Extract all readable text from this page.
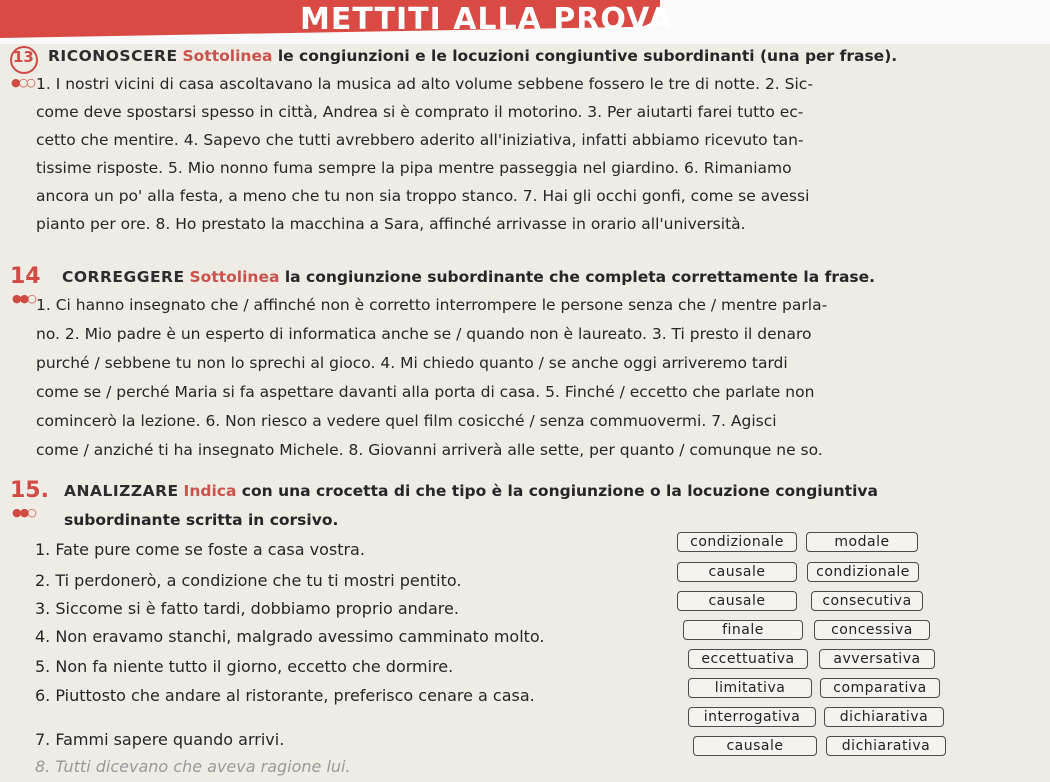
METTITI ALLA PROVA
13
●○○
RICONOSCERE Sottolinea le congiunzioni e le locuzioni congiuntive subordinanti (una per frase).
1. I nostri vicini di casa ascoltavano la musica ad alto volume sebbene fossero le tre di notte. 2. Sic-
come deve spostarsi spesso in città, Andrea si è comprato il motorino. 3. Per aiutarti farei tutto ec-
cetto che mentire. 4. Sapevo che tutti avrebbero aderito all'iniziativa, infatti abbiamo ricevuto tan-
tissime risposte. 5. Mio nonno fuma sempre la pipa mentre passeggia nel giardino. 6. Rimaniamo
ancora un po' alla festa, a meno che tu non sia troppo stanco. 7. Hai gli occhi gonfi, come se avessi
pianto per ore. 8. Ho prestato la macchina a Sara, affinché arrivasse in orario all'università.
14
●●○
CORREGGERE Sottolinea la congiunzione subordinante che completa correttamente la frase.
1. Ci hanno insegnato che / affinché non è corretto interrompere le persone senza che / mentre parla-
no. 2. Mio padre è un esperto di informatica anche se / quando non è laureato. 3. Ti presto il denaro
purché / sebbene tu non lo sprechi al gioco. 4. Mi chiedo quanto / se anche oggi arriveremo tardi
come se / perché Maria si fa aspettare davanti alla porta di casa. 5. Finché / eccetto che parlate non
comincerò la lezione. 6. Non riesco a vedere quel film cosicché / senza commuovermi. 7. Agisci
come / anziché ti ha insegnato Michele. 8. Giovanni arriverà alle sette, per quanto / comunque ne so.
15.
●●○
ANALIZZARE Indica con una crocetta di che tipo è la congiunzione o la locuzione congiuntiva
subordinante scritta in corsivo.
1. Fate pure come se foste a casa vostra.
2. Ti perdonerò, a condizione che tu ti mostri pentito.
3. Siccome si è fatto tardi, dobbiamo proprio andare.
4. Non eravamo stanchi, malgrado avessimo camminato molto.
5. Non fa niente tutto il giorno, eccetto che dormire.
6. Piuttosto che andare al ristorante, preferisco cenare a casa.
7. Fammi sapere quando arrivi.
8. Tutti dicevano che aveva ragione lui.
condizionale
causale
causale
finale
eccettuativa
limitativa
interrogativa
causale
modale
condizionale
consecutiva
concessiva
avversativa
comparativa
dichiarativa
dichiarativa
